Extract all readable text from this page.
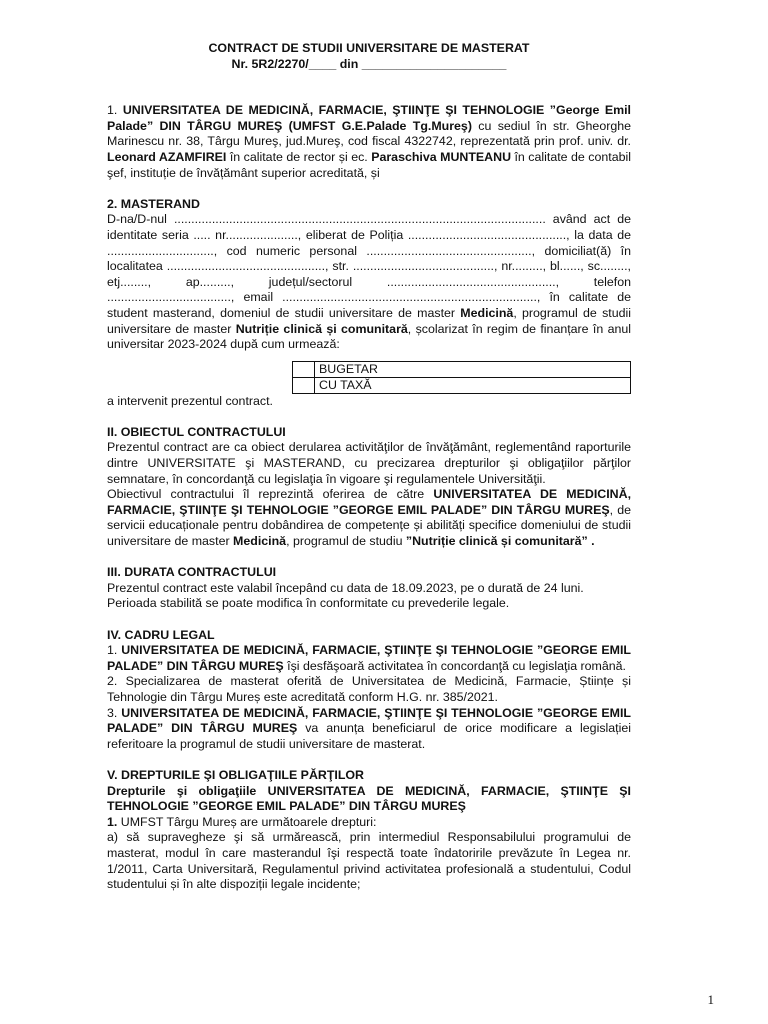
CONTRACT DE STUDII UNIVERSITARE DE MASTERAT
Nr. 5R2/2270/____ din _____________________

1. UNIVERSITATEA DE MEDICINĂ, FARMACIE, ŞTIINŢE ŞI TEHNOLOGIE ”George Emil Palade” DIN TÂRGU MUREŞ (UMFST G.E.Palade Tg.Mureş) cu sediul în str. Gheorghe Marinescu nr. 38, Târgu Mureş, jud.Mureş, cod fiscal 4322742, reprezentată prin prof. univ. dr. Leonard AZAMFIREI în calitate de rector și ec. Paraschiva MUNTEANU în calitate de contabil şef, instituție de învățământ superior acreditată, și

2. MASTERAND

D-na/D-nul ............................................................................................................ având act de identitate seria ..... nr....................., eliberat de Poliția .............................................., la data de ..............................., cod numeric personal ................................................, domiciliat(ă) în localitatea .............................................., str. ........................................., nr........., bl......, sc........, etj........, ap........., județul/sectorul ................................................., telefon ...................................., email .........................................................................., în calitate de student masterand, domeniul de studii universitare de master Medicină, programul de studii universitare de master Nutriție clinică și comunitară, școlarizat în regim de finanțare în anul universitar 2023-2024 după cum urmează:

	BUGETAR
	CU TAXĂ

a intervenit prezentul contract.

II. OBIECTUL CONTRACTULUI

Prezentul contract are ca obiect derularea activităţilor de învăţământ, reglementând raporturile dintre UNIVERSITATE şi MASTERAND, cu precizarea drepturilor şi obligaţiilor părţilor semnatare, în concordanţă cu legislaţia în vigoare şi regulamentele Universităţii.

Obiectivul contractului îl reprezintă oferirea de către UNIVERSITATEA DE MEDICINĂ, FARMACIE, ŞTIINŢE ŞI TEHNOLOGIE ”GEORGE EMIL PALADE” DIN TÂRGU MUREŞ, de servicii educaționale pentru dobândirea de competențe și abilități specifice domeniului de studii universitare de master Medicină, programul de studiu ”Nutriție clinică și comunitară” .

III. DURATA CONTRACTULUI

Prezentul contract este valabil începând cu data de 18.09.2023, pe o durată de 24 luni.

Perioada stabilită se poate modifica în conformitate cu prevederile legale.

IV. CADRU LEGAL

1. UNIVERSITATEA DE MEDICINĂ, FARMACIE, ŞTIINŢE ŞI TEHNOLOGIE ”GEORGE EMIL PALADE” DIN TÂRGU MUREŞ îşi desfăşoară activitatea în concordanţă cu legislaţia română.

2. Specializarea de masterat oferită de Universitatea de Medicină, Farmacie, Științe și Tehnologie din Târgu Mureș este acreditată conform H.G. nr. 385/2021.

3. UNIVERSITATEA DE MEDICINĂ, FARMACIE, ŞTIINŢE ŞI TEHNOLOGIE ”GEORGE EMIL PALADE” DIN TÂRGU MUREŞ va anunța beneficiarul de orice modificare a legislației referitoare la programul de studii universitare de masterat.

V. DREPTURILE ŞI OBLIGAŢIILE PĂRŢILOR

Drepturile şi obligaţiile UNIVERSITATEA DE MEDICINĂ, FARMACIE, ŞTIINŢE ŞI TEHNOLOGIE ”GEORGE EMIL PALADE” DIN TÂRGU MUREŞ

1. UMFST Târgu Mureș are următoarele drepturi:

a) să supravegheze şi să urmărească, prin intermediul Responsabilului programului de masterat, modul în care masterandul îşi respectă toate îndatoririle prevăzute în Legea nr. 1/2011, Carta Universitară, Regulamentul privind activitatea profesională a studentului, Codul studentului și în alte dispoziții legale incidente;

1
